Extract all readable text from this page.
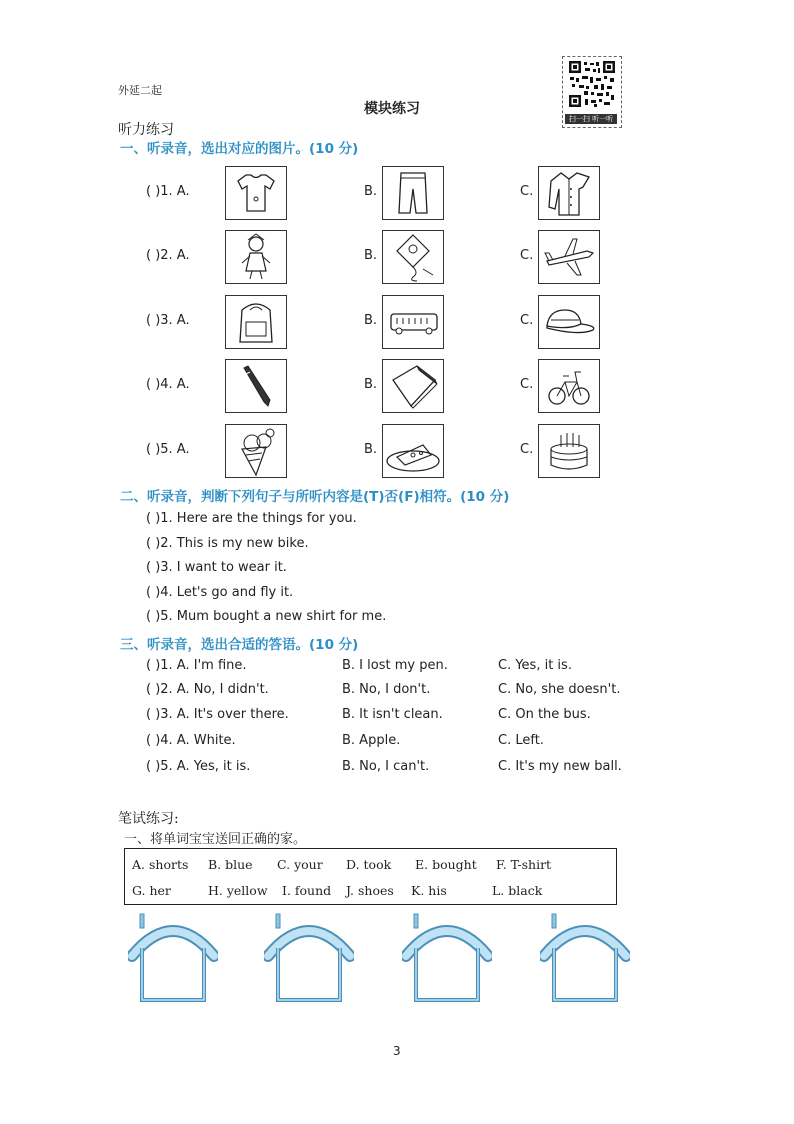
外延二起
模块练习
扫一扫 听一听
听力练习
一、听录音，选出对应的图片。(10 分)
( )1. A.	B.	C.
( )2. A.	B.	C.
( )3. A.	B.	C.
( )4. A.	B.	C.
( )5. A.	B.	C.
二、听录音，判断下列句子与所听内容是(T)否(F)相符。(10 分)
( )1. Here are the things for you.
( )2. This is my new bike.
( )3. I want to wear it.
( )4. Let's go and fly it.
( )5. Mum bought a new shirt for me.
三、听录音，选出合适的答语。(10 分)
( )1. A. I'm fine.	B. I lost my pen.	C. Yes, it is.
( )2. A. No, I didn't.	B. No, I don't.	C. No, she doesn't.
( )3. A. It's over there.	B. It isn't clean.	C. On the bus.
( )4. A. White.	B. Apple.	C. Left.
( )5. A. Yes, it is.	B. No, I can't.	C. It's my new ball.
笔试练习:
一、将单词宝宝送回正确的家。
A. shorts B. blue C. your D. took E. bought F. T-shirt
G. her	H. yellow I. found J. shoes K. his	L. black
3
